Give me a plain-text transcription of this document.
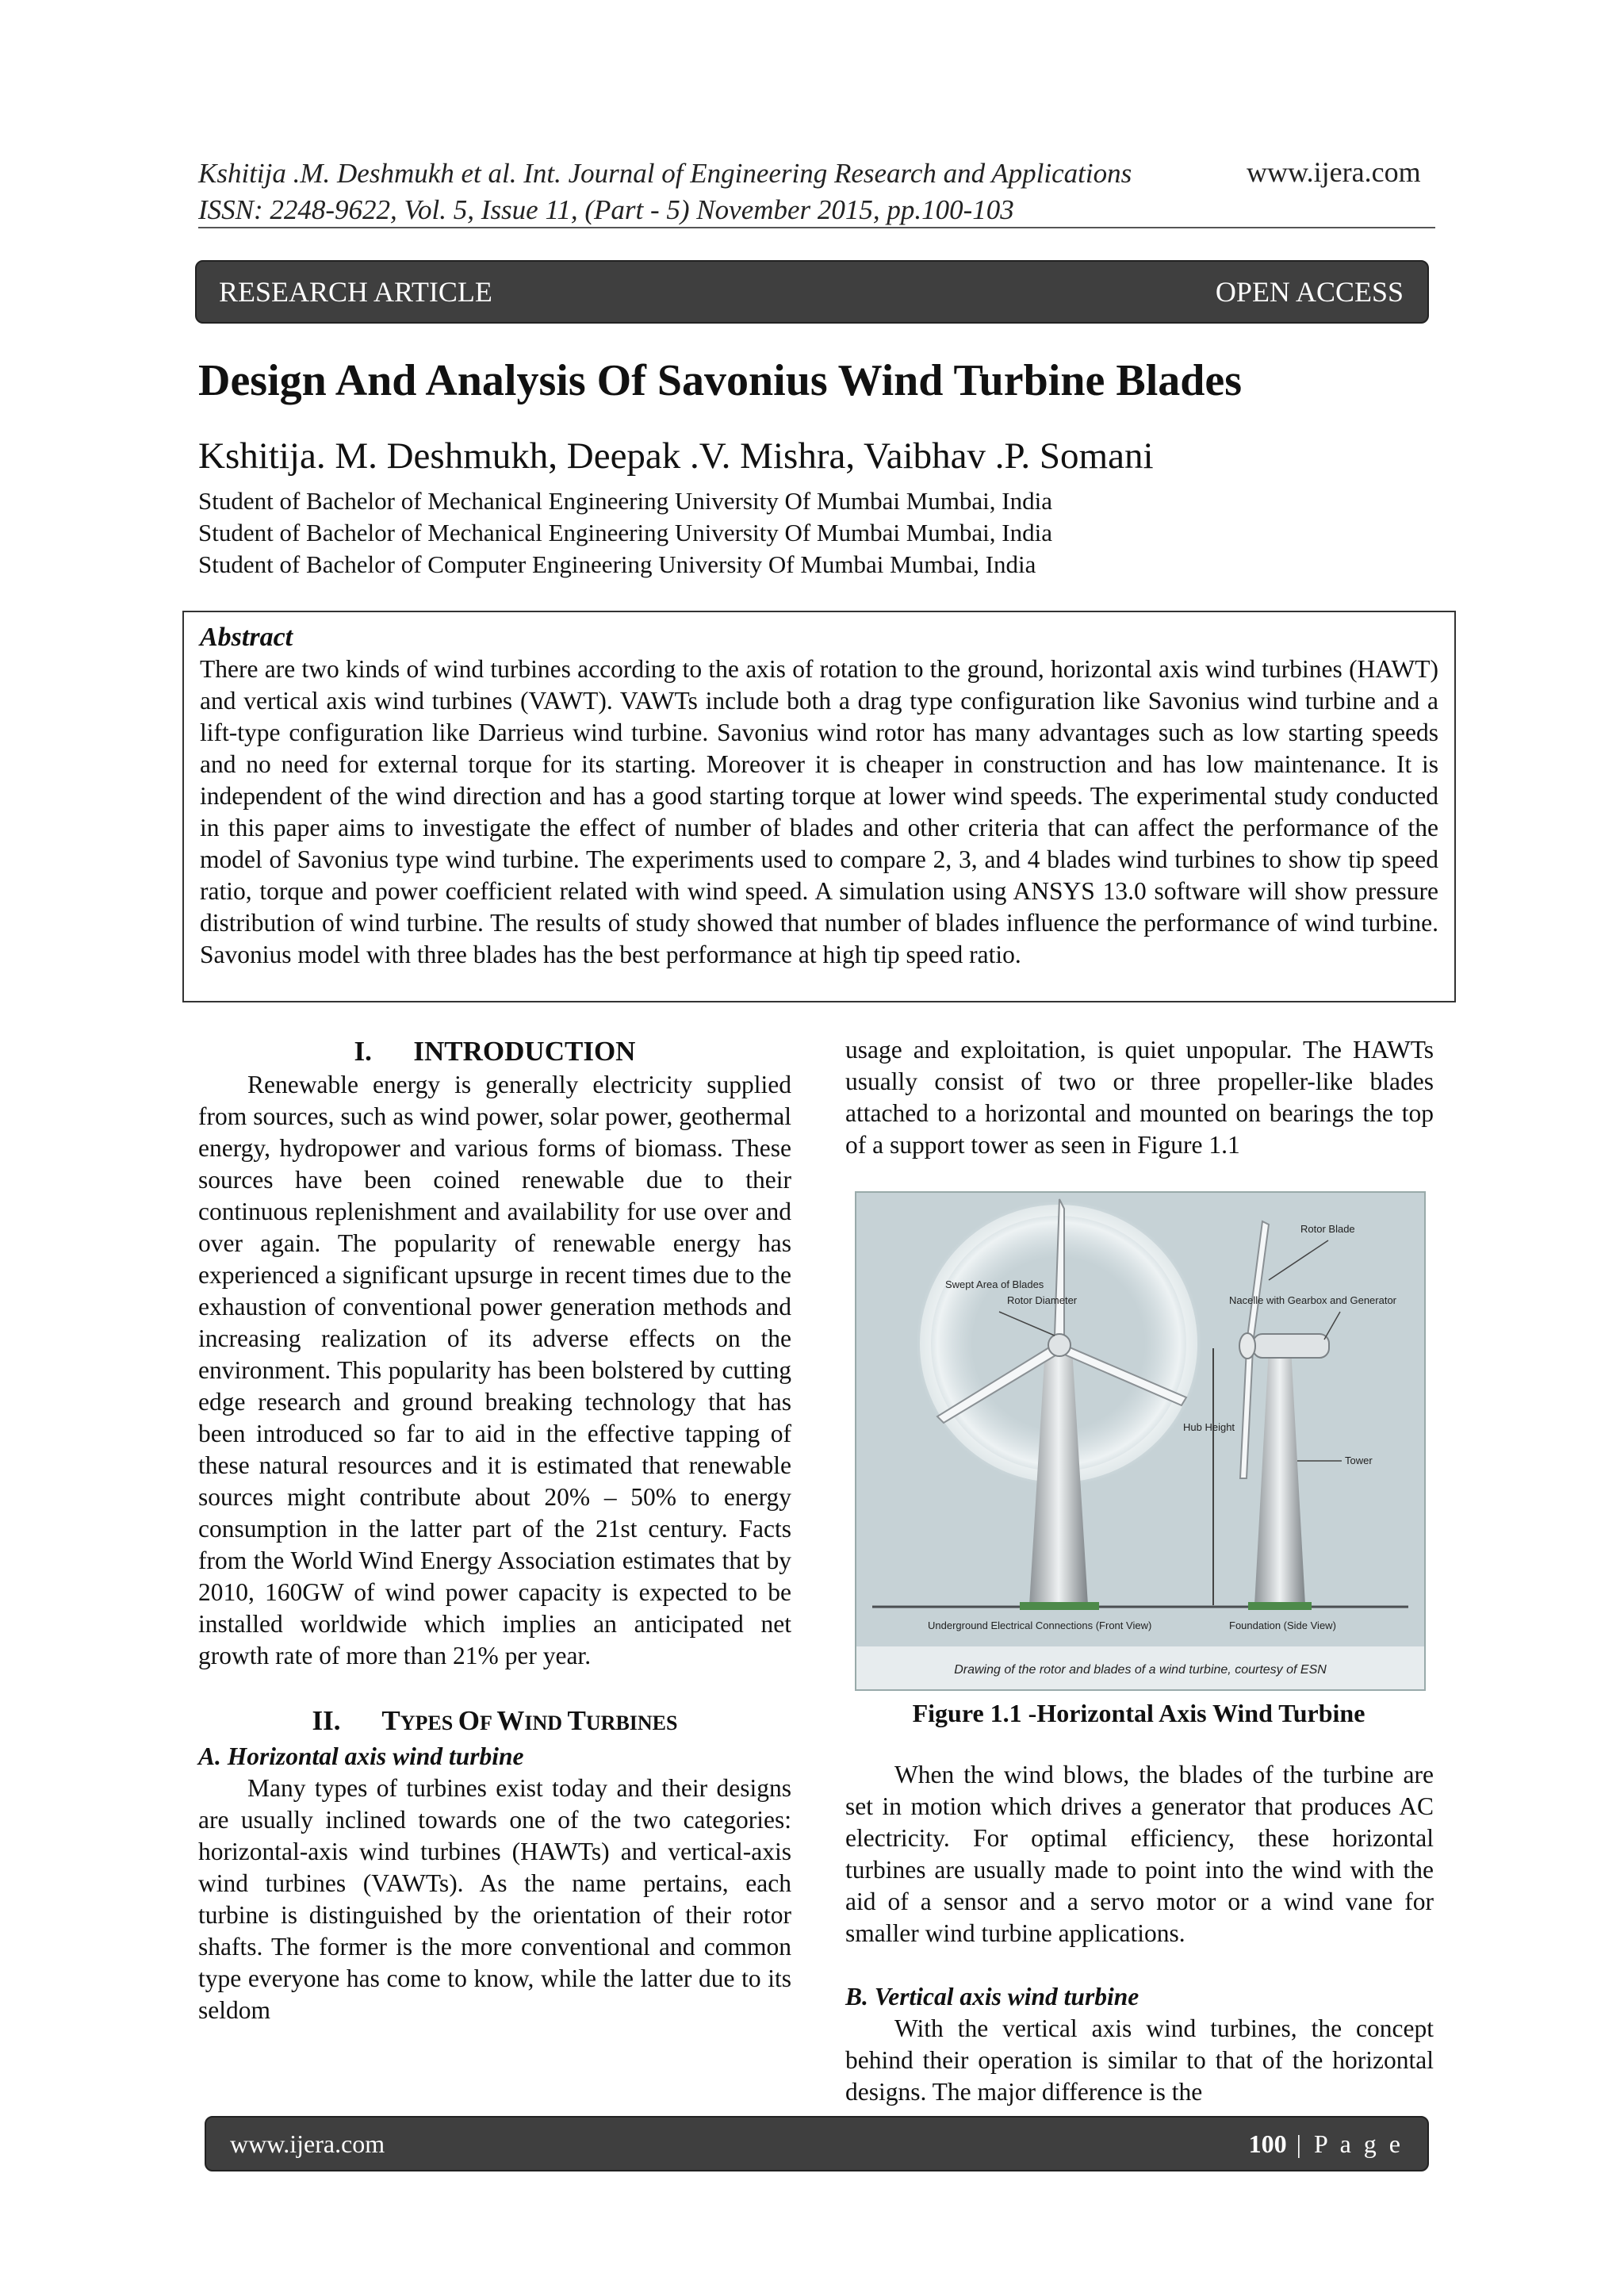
Kshitija .M. Deshmukh et al. Int. Journal of Engineering Research and Applications
ISSN: 2248-9622, Vol. 5, Issue 11, (Part - 5) November 2015, pp.100-103
www.ijera.com
RESEARCH ARTICLE	OPEN ACCESS
Design And Analysis Of Savonius Wind Turbine Blades
Kshitija. M. Deshmukh, Deepak .V. Mishra, Vaibhav .P. Somani
Student of Bachelor of Mechanical Engineering University Of Mumbai Mumbai, India
Student of Bachelor of Mechanical Engineering University Of Mumbai Mumbai, India
Student of Bachelor of Computer Engineering University Of Mumbai Mumbai, India
Abstract

There are two kinds of wind turbines according to the axis of rotation to the ground, horizontal axis wind turbines (HAWT) and vertical axis wind turbines (VAWT). VAWTs include both a drag type configuration like Savonius wind turbine and a lift-type configuration like Darrieus wind turbine. Savonius wind rotor has many advantages such as low starting speeds and no need for external torque for its starting. Moreover it is cheaper in construction and has low maintenance. It is independent of the wind direction and has a good starting torque at lower wind speeds. The experimental study conducted in this paper aims to investigate the effect of number of blades and other criteria that can affect the performance of the model of Savonius type wind turbine. The experiments used to compare 2, 3, and 4 blades wind turbines to show tip speed ratio, torque and power coefficient related with wind speed. A simulation using ANSYS 13.0 software will show pressure distribution of wind turbine. The results of study showed that number of blades influence the performance of wind turbine. Savonius model with three blades has the best performance at high tip speed ratio.

I. INTRODUCTION

Renewable energy is generally electricity supplied from sources, such as wind power, solar power, geothermal energy, hydropower and various forms of biomass. These sources have been coined renewable due to their continuous replenishment and availability for use over and over again. The popularity of renewable energy has experienced a significant upsurge in recent times due to the exhaustion of conventional power generation methods and increasing realization of its adverse effects on the environment. This popularity has been bolstered by cutting edge research and ground breaking technology that has been introduced so far to aid in the effective tapping of these natural resources and it is estimated that renewable sources might contribute about 20% – 50% to energy consumption in the latter part of the 21st century. Facts from the World Wind Energy Association estimates that by 2010, 160GW of wind power capacity is expected to be installed worldwide which implies an anticipated net growth rate of more than 21% per year.

II. TYPES OF WIND TURBINES
A. Horizontal axis wind turbine

Many types of turbines exist today and their designs are usually inclined towards one of the two categories: horizontal-axis wind turbines (HAWTs) and vertical-axis wind turbines (VAWTs). As the name pertains, each turbine is distinguished by the orientation of their rotor shafts. The former is the more conventional and common type everyone has come to know, while the latter due to its seldom

usage and exploitation, is quiet unpopular. The HAWTs usually consist of two or three propeller-like blades attached to a horizontal and mounted on bearings the top of a support tower as seen in Figure 1.1

Swept Area of Blades
Rotor Diameter
Rotor Blade
Nacelle with Gearbox and Generator
Hub Height
Tower
Underground Electrical Connections (Front View)	Foundation (Side View)
Drawing of the rotor and blades of a wind turbine, courtesy of ESN
Figure 1.1 -Horizontal Axis Wind Turbine

When the wind blows, the blades of the turbine are set in motion which drives a generator that produces AC electricity. For optimal efficiency, these horizontal turbines are usually made to point into the wind with the aid of a sensor and a servo motor or a wind vane for smaller wind turbine applications.

B. Vertical axis wind turbine

With the vertical axis wind turbines, the concept behind their operation is similar to that of the horizontal designs. The major difference is the

www.ijera.com	100 | P a g e
